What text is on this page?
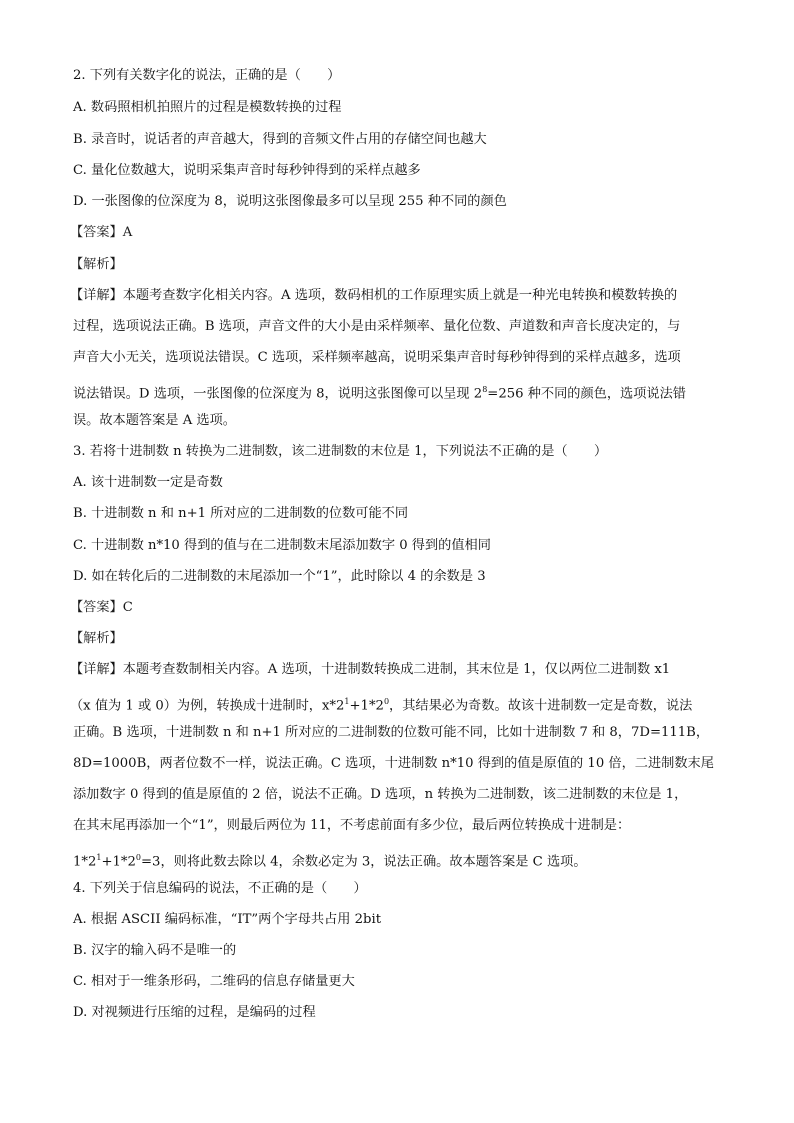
2. 下列有关数字化的说法，正确的是（　　）
A. 数码照相机拍照片的过程是模数转换的过程
B. 录音时，说话者的声音越大，得到的音频文件占用的存储空间也越大
C. 量化位数越大，说明采集声音时每秒钟得到的采样点越多
D. 一张图像的位深度为 8，说明这张图像最多可以呈现 255 种不同的颜色
【答案】A
【解析】
【详解】本题考查数字化相关内容。A 选项，数码相机的工作原理实质上就是一种光电转换和模数转换的
过程，选项说法正确。B 选项，声音文件的大小是由采样频率、量化位数、声道数和声音长度决定的，与
声音大小无关，选项说法错误。C 选项，采样频率越高，说明采集声音时每秒钟得到的采样点越多，选项
说法错误。D 选项，一张图像的位深度为 8，说明这张图像可以呈现 $2^8=256$ 种不同的颜色，选项说法错
误。故本题答案是 A 选项。
3. 若将十进制数 n 转换为二进制数，该二进制数的末位是 1，下列说法不正确的是（　　）
A. 该十进制数一定是奇数
B. 十进制数 n 和 n+1 所对应的二进制数的位数可能不同
C. 十进制数 n*10 得到的值与在二进制数末尾添加数字 0 得到的值相同
D. 如在转化后的二进制数的末尾添加一个“1”，此时除以 4 的余数是 3
【答案】C
【解析】
【详解】本题考查数制相关内容。A 选项，十进制数转换成二进制，其末位是 1，仅以两位二进制数 x1
（x 值为 1 或 0）为例，转换成十进制时，$x*2^1+1*2^0$，其结果必为奇数。故该十进制数一定是奇数，说法
正确。B 选项，十进制数 n 和 n+1 所对应的二进制数的位数可能不同，比如十进制数 7 和 8，7D=111B，
8D=1000B，两者位数不一样，说法正确。C 选项，十进制数 n*10 得到的值是原值的 10 倍，二进制数末尾
添加数字 0 得到的值是原值的 2 倍，说法不正确。D 选项，n 转换为二进制数，该二进制数的末位是 1，
在其末尾再添加一个“1”，则最后两位为 11，不考虑前面有多少位，最后两位转换成十进制是：
$1*2^1+1*2^0=3$，则将此数去除以 4，余数必定为 3，说法正确。故本题答案是 C 选项。
4. 下列关于信息编码的说法，不正确的是（　　）
A. 根据 ASCII 编码标准，“IT”两个字母共占用 2bit
B. 汉字的输入码不是唯一的
C. 相对于一维条形码，二维码的信息存储量更大
D. 对视频进行压缩的过程，是编码的过程
